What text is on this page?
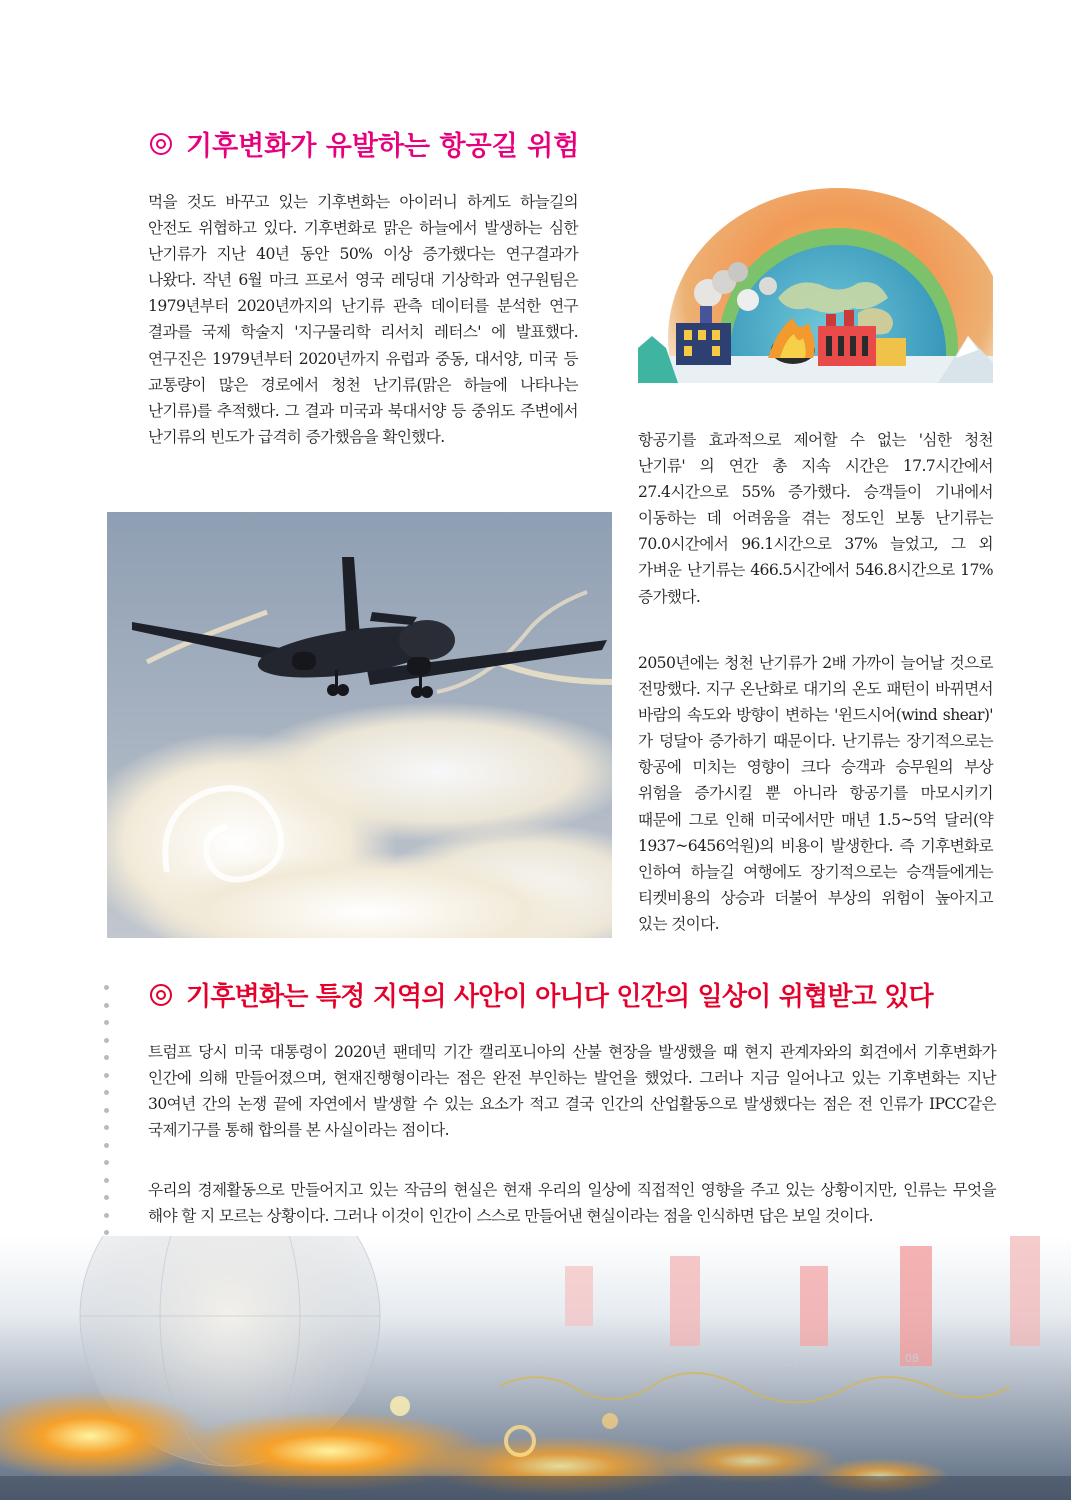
기후변화가 유발하는 항공길 위험

먹을 것도 바꾸고 있는 기후변화는 아이러니 하게도 하늘길의 안전도 위협하고 있다. 기후변화로 맑은 하늘에서 발생하는 심한 난기류가 지난 40년 동안 50% 이상 증가했다는 연구결과가 나왔다. 작년 6월 마크 프로서 영국 레딩대 기상학과 연구원팀은 1979년부터 2020년까지의 난기류 관측 데이터를 분석한 연구 결과를 국제 학술지 '지구물리학 리서치 레터스' 에 발표했다. 연구진은 1979년부터 2020년까지 유럽과 중동, 대서양, 미국 등 교통량이 많은 경로에서 청천 난기류(맑은 하늘에 나타나는 난기류)를 추적했다. 그 결과 미국과 북대서양 등 중위도 주변에서 난기류의 빈도가 급격히 증가했음을 확인했다.	항공기를 효과적으로 제어할 수 없는 '심한 청천 난기류' 의 연간 총 지속 시간은 17.7시간에서 27.4시간으로 55% 증가했다. 승객들이 기내에서 이동하는 데 어려움을 겪는 정도인 보통 난기류는 70.0시간에서 96.1시간으로 37% 늘었고, 그 외 가벼운 난기류는 466.5시간에서 546.8시간으로 17% 증가했다.

2050년에는 청천 난기류가 2배 가까이 늘어날 것으로 전망했다. 지구 온난화로 대기의 온도 패턴이 바뀌면서 바람의 속도와 방향이 변하는 '윈드시어(wind shear)' 가 덩달아 증가하기 때문이다. 난기류는 장기적으로는 항공에 미치는 영향이 크다 승객과 승무원의 부상 위험을 증가시킬 뿐 아니라 항공기를 마모시키기 때문에 그로 인해 미국에서만 매년 1.5~5억 달러(약 1937~6456억원)의 비용이 발생한다. 즉 기후변화로 인하여 하늘길 여행에도 장기적으로는 승객들에게는 티켓비용의 상승과 더불어 부상의 위험이 높아지고 있는 것이다.

기후변화는 특정 지역의 사안이 아니다 인간의 일상이 위협받고 있다

트럼프 당시 미국 대통령이 2020년 팬데믹 기간 캘리포니아의 산불 현장을 발생했을 때 현지 관계자와의 회견에서 기후변화가 인간에 의해 만들어졌으며, 현재진행형이라는 점은 완전 부인하는 발언을 했었다. 그러나 지금 일어나고 있는 기후변화는 지난 30여년 간의 논쟁 끝에 자연에서 발생할 수 있는 요소가 적고 결국 인간의 산업활동으로 발생했다는 점은 전 인류가 IPCC같은 국제기구를 통해 합의를 본 사실이라는 점이다.

우리의 경제활동으로 만들어지고 있는 작금의 현실은 현재 우리의 일상에 직접적인 영향을 주고 있는 상황이지만, 인류는 무엇을 해야 할 지 모르는 상황이다. 그러나 이것이 인간이 스스로 만들어낸 현실이라는 점을 인식하면 답은 보일 것이다.

05	06	07	08	H I
